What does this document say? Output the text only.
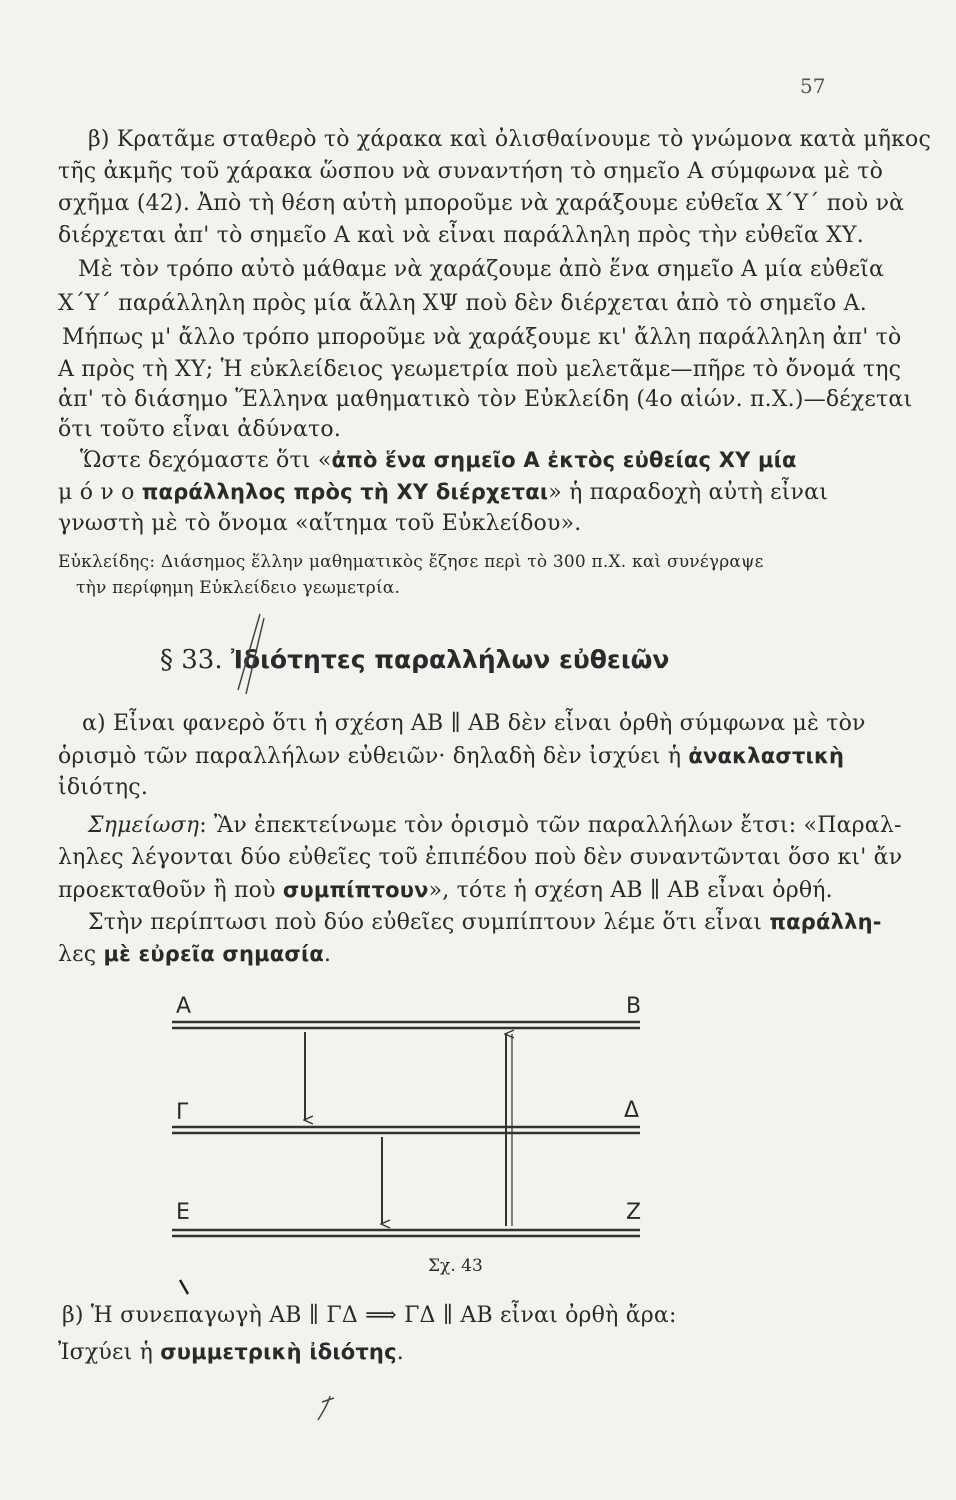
57
β) Κρατᾶμε σταθερὸ τὸ χάρακα καὶ ὀλισθαίνουμε τὸ γνώμονα κατὰ μῆκος
τῆς ἀκμῆς τοῦ χάρακα ὥσπου νὰ συναντήση τὸ σημεῖο Α σύμφωνα μὲ τὸ
σχῆμα (42). Ἀπὸ τὴ θέση αὐτὴ μποροῦμε νὰ χαράξουμε εὐθεῖα Χ΄Υ΄ ποὺ νὰ
διέρχεται ἀπ' τὸ σημεῖο Α καὶ νὰ εἶναι παράλληλη πρὸς τὴν εὐθεῖα ΧΥ.
Μὲ τὸν τρόπο αὐτὸ μάθαμε νὰ χαράζουμε ἀπὸ ἕνα σημεῖο Α μία εὐθεῖα
Χ΄Υ΄ παράλληλη πρὸς μία ἄλλη ΧΨ ποὺ δὲν διέρχεται ἀπὸ τὸ σημεῖο Α.
Μήπως μ' ἄλλο τρόπο μποροῦμε νὰ χαράξουμε κι' ἄλλη παράλληλη ἀπ' τὸ
Α πρὸς τὴ ΧΥ; Ἡ εὐκλείδειος γεωμετρία ποὺ μελετᾶμε—πῆρε τὸ ὄνομά της
ἀπ' τὸ διάσημο Ἕλληνα μαθηματικὸ τὸν Εὐκλείδη (4ο αἰών. π.Χ.)—δέχεται
ὅτι τοῦτο εἶναι ἀδύνατο.
Ὥστε δεχόμαστε ὅτι «ἀπὸ ἕνα σημεῖο Α ἐκτὸς εὐθείας ΧΥ μία
μ ό ν ο παράλληλος πρὸς τὴ ΧΥ διέρχεται» ἡ παραδοχὴ αὐτὴ εἶναι
γνωστὴ μὲ τὸ ὄνομα «αἴτημα τοῦ Εὐκλείδου».
Εὐκλείδης: Διάσημος ἕλλην μαθηματικὸς ἔζησε περὶ τὸ 300 π.Χ. καὶ συνέγραψε
τὴν περίφημη Εὐκλείδειο γεωμετρία.
§ 33. Ἰδιότητες παραλλήλων εὐθειῶν
α) Εἶναι φανερὸ ὅτι ἡ σχέση ΑΒ ∥ ΑΒ δὲν εἶναι ὀρθὴ σύμφωνα μὲ τὸν
ὁρισμὸ τῶν παραλλήλων εὐθειῶν· δηλαδὴ δὲν ἰσχύει ἡ ἀνακλαστικὴ
ἰδιότης.
Σημείωση: Ἂν ἐπεκτείνωμε τὸν ὁρισμὸ τῶν παραλλήλων ἔτσι: «Παραλ-
ληλες λέγονται δύο εὐθεῖες τοῦ ἐπιπέδου ποὺ δὲν συναντῶνται ὅσο κι' ἄν
προεκταθοῦν ἢ ποὺ συμπίπτουν», τότε ἡ σχέση ΑΒ ∥ ΑΒ εἶναι ὀρθή.
Στὴν περίπτωσι ποὺ δύο εὐθεῖες συμπίπτουν λέμε ὅτι εἶναι παράλλη-
λες μὲ εὐρεῖα σημασία.
Α	Β
Γ	Δ
Ε	Ζ
Σχ. 43
β) Ἡ συνεπαγωγὴ ΑΒ ∥ ΓΔ ⟹ ΓΔ ∥ ΑΒ εἶναι ὀρθὴ ἄρα:
Ἰσχύει ἡ συμμετρικὴ ἰδιότης.
